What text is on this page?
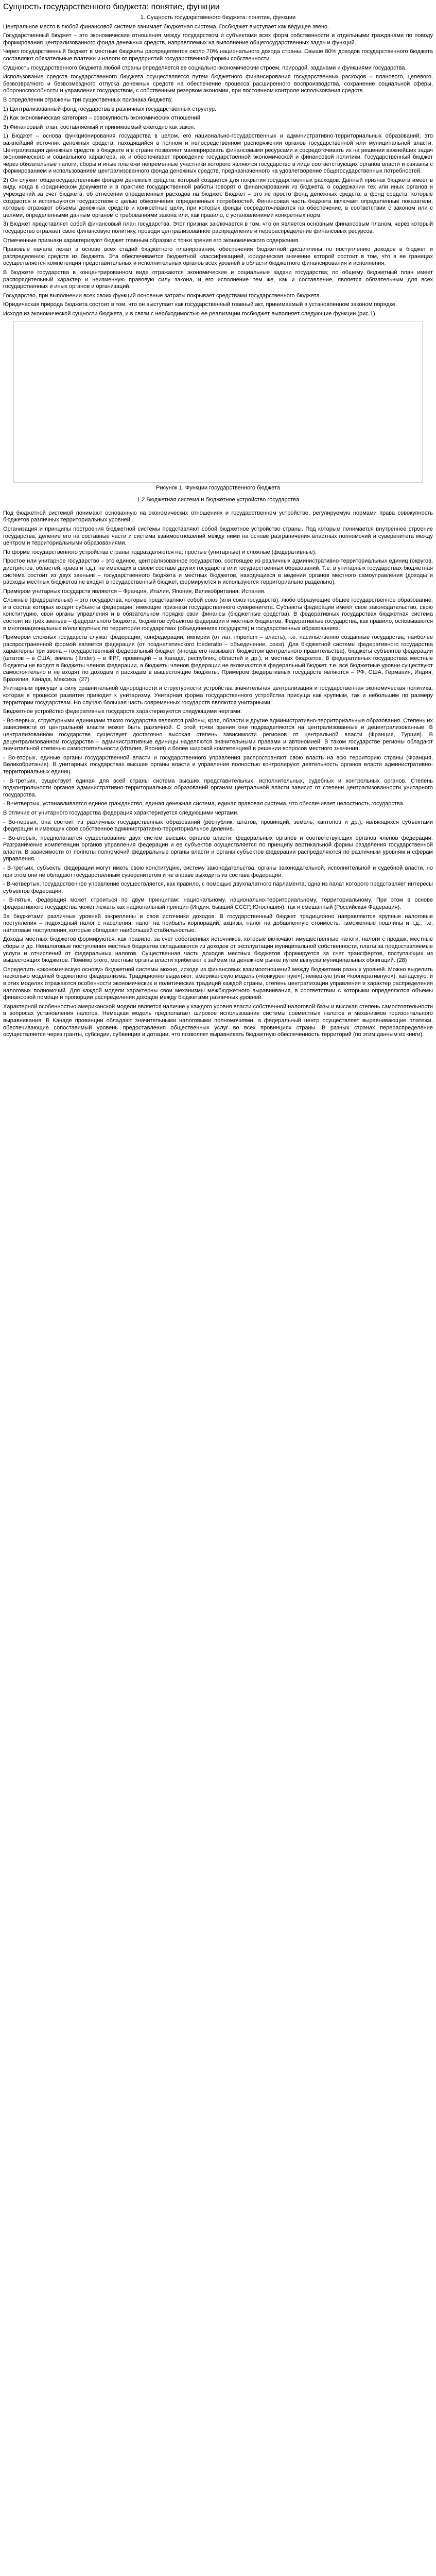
Сущность государственного бюджета: понятие, функции
1. Сущность государственного бюджета: понятие, функции

Центральное место в любой финансовой системе занимает бюджетная система. Госбюджет выступает как ведущее звено.

Государственный бюджет – это экономические отношения между государством и субъектами всех форм собственности и отдельными гражданами по поводу формирования централизованного фонда денежных средств, направляемых на выполнение общегосударственных задач и функций.

Через государственный бюджет в местные бюджеты распределяется около 70% национального дохода страны. Свыше 80% доходов государственного бюджета составляют обязательные платежи и налоги от предприятий государственной формы собственности.

Сущность государственного бюджета любой страны определяется ее социально-экономическим строем, природой, задачами и функциями государства.

Использование средств государственного бюджета осуществляется путем бюджетного финансирования государственных расходов – планового, целевого, безвозвратного и безвозмездного отпуска денежных средств на обеспечение процесса расширенного воспроизводства, сохранение социальной сферы, обороноспособности и управления государством, с собственным резервом экономии, при постоянном контроле использования средств.

В определении отражены три существенных признака бюджета:

1) Централизованный фонд государства в различных государственных структур.

2) Как экономическая категория – совокупность экономических отношений.

3) Финансовый план, составляемый и принимаемый ежегодно как закон.

1) Бюджет – основа функционирования государства в целом, его национально-государственных и административно-территориальных образований; это важнейший источник денежных средств, находящийся в полном и непосредственном распоряжении органов государственной или муниципальной власти. Централизация денежных средств в бюджете и в стране позволяет маневрировать финансовыми ресурсами и сосредоточивать их на решении важнейших задач экономического и социального характера, их и обеспечивает проведение государственной экономической и финансовой политики. Государственный бюджет через обязательные налоги, сборы и иные платежи непременные участники которого являются государство в лице соответствующих органов власти и связаны с формированием и использованием централизованного фонда денежных средств, предназначенного на удовлетворение общегосударственных потребностей.

2) Он служит общегосударственным фондом денежных средств, который создается для покрытия государственных расходов. Данный признак бюджета имеет в виду, когда в юридическом документе и в практике государственной работы говорят о финансировании из бюджета, о содержании тех или иных органов и учреждений за счет бюджета, об отнесении определенных расходов на бюджет. Бюджет – это не просто фонд денежных средств; а фонд средств, которые создаются и используются государством с целью обеспечения определенных потребностей. Финансовая часть бюджета включает определенные показатели, которые отражают объемы денежных средств и конкретные цели, при которых фонды сосредоточиваются на обеспечение, в соответствии с законом или с целями, определенными данным органом с требованиями закона или, как правило, с установлениями конкретных норм.

3) Бюджет представляет собой финансовый план государства. Этот признак заключается в том, что он является основным финансовым планом, через который государство отражает свою финансовую политику, проводя централизованное распределение и перераспределение финансовых ресурсов.

Отмеченные признаки характеризуют бюджет главным образом с точки зрения его экономического содержания.

Правовые начала лежат в основе всех стадий бюджетного планирования, обеспечения бюджетной дисциплины по поступлению доходов в бюджет и распределению средств из бюджета. Эта обеспечивается бюджетной классификацией, юридическая значение которой состоит в том, что в ее границах осуществляется компетенция представительных и исполнительных органов всех уровней в области бюджетного финансирования и исполнения.

В бюджете государства в концентрированном виде отражаются экономические и социальные задачи государства; по общему бюджетный план имеет распорядительный характер и неизменную правовую силу закона, и его исполнение тем же, как и составление, является обязательным для всех государственных и иных органов и организаций.

Государство, при выполнении всех своих функций основные затраты покрывает средствами государственного бюджета.

Юридическая природа бюджета состоит в том, что он выступает как государственный главный акт, принимаемый в установленном законом порядке.

Исходя из экономической сущности бюджета, и в связи с необходимостью ее реализации госбюджет выполняет следующие функции (рис.1).

Рисунок 1. Функции государственного бюджета
1.2 Бюджетная система и бюджетное устройство государства

Под бюджетной системой понимают основанную на экономических отношениях и государственном устройстве, регулируемую нормами права совокупность бюджетов различных территориальных уровней.

Организация и принципы построения бюджетной системы представляют собой бюджетное устройство страны. Под которым понимается внутреннее строение государства, деление его на составные части и система взаимоотношений между ними на основе разграничения властных полномочий и суверенитета между центром и территориальными образованиями.

По форме государственного устройства страны подразделяются на: простые (унитарные) и сложные (федеративные).

Простое или унитарное государство – это единое, централизованное государство, состоящее из различных административно-территориальных единиц (округов, дистриктов, областей, краев и т.д.), не имеющих в своем составе других государств или государственных образований. Т.е. в унитарных государствах бюджетная система состоит из двух звеньев – государственного бюджета и местных бюджетов, находящихся в ведении органов местного самоуправления (доходы и расходы местных бюджетов не входят в государственный бюджет, формируются и используются территориально раздельно).

Примером унитарных государств являются – Франция, Италия, Япония, Великобритания, Испания.

Сложные (федеративные) – это государства, которые представляют собой союз (или союз государств), любо образующие общее государственное образование, и в состав которых входят субъекты федерации, имеющие признаки государственного суверенитета. Субъекты федерации имеют свое законодательство, свою конституцию, свои органы управления и в обязательном порядке свои финансы (бюджетные средства). В федеративных государствах бюджетная система состоит из трёх звеньев – федерального бюджета, бюджетов субъектов федерации и местных бюджетов. Федеративные государства, как правило, основываются в многонациональных и/или крупных по территории государствах (объединениях государств) и государственных образованиях.

Примером сложных государств служат федерации, конфедерации, империи (от лат. imperium – власть), т.е. насильственно созданные государства, наиболее распространенной формой является федерация (от позднелатинского foederatio – объединение, союз). Для бюджетной системы федеративного государства характерны три звена – государственный федеральный бюджет (иногда его называют бюджетом центрального правительства), бюджеты субъектов федерации (штатов – в США, земель (länder) – в ФРГ, провинций – в Канаде, республик, областей и др.), и местных бюджетов. В федеративных государствах местные бюджеты не входят в бюджеты членов федерации, а бюджеты членов федерации не включаются в федеральный бюджет, т.е. все бюджетные уровни существуют самостоятельно и не входят по доходам и расходам в вышестоящие бюджеты. Примером федеративных государств являются – РФ, США, Германия, Индия, Бразилия, Канада, Мексика. (27)

Унитарным присущи в силу сравнительной однородности и структурности устройства значительная централизация и государственная экономическая политика, которая в процессе развития приводит к унитаризму. Унитарная форма государственного устройства присуща как крупным, так и небольшим по размеру территории государствам. Но случаю большая часть современных государств являются унитарными.

Бюджетное устройство федеративных государств характеризуются следующими чертами:

- Во-первых, структурными единицами такого государства являются районы, края, области и другие административно-территориальные образования. Степень их зависимости от центральной власти может быть различной. С этой точки зрения они подразделяются на централизованные и децентрализованные. В централизованном государстве существует достаточно высокая степень зависимости регионов от центральной власти (Франция, Турция). В децентрализованном государстве – административные единицы наделяются значительными правами и автономией. В таком государстве регионы обладают значительной степенью самостоятельности (Италия, Япония) и более широкой компетенцией в решении вопросов местного значения.
- Во-вторых, единые органы государственной власти и государственного управления распространяют свою власть на всю территорию страны (Франция, Великобритания). В унитарных государствах высшие органы власти и управления полностью контролируют деятельность органов власти административно-территориальных единиц.
- В-третьих, существует единая для всей страны система высших представительных, исполнительных, судебных и контрольных органов. Степень подконтрольности органов административно-территориальных образований органам центральной власти зависит от степени централизованности унитарного государства.
- В-четвертых, устанавливается единое гражданство, единая денежная система, единая правовая система, что обеспечивает целостность государства.

В отличие от унитарного государства федерация характеризуется следующими чертами.

- Во-первых, она состоит из различных государственных образований (республик, штатов, провинций, земель, кантонов и др.), являющихся субъектами федерации и имеющих свое собственное административно-территориальное деление.
- Во-вторых, предполагается существование двух систем высших органов власти: федеральных органов и соответствующих органов членов федерации. Разграничение компетенции органов управления федерации и ее субъектов осуществляется по принципу вертикальной формы разделения государственной власти. В зависимости от полноты полномочий федеральные органы власти и органы субъектов федерации распределяются по различным уровням и сферам управления.
- В-третьих, субъекты федерации могут иметь свою конституцию, систему законодательства, органы законодательной, исполнительной и судебной власти, но при этом они не обладают государственным суверенитетом и не вправе выходить из состава федерации.
- В-четвертых, государственное управление осуществляется, как правило, с помощью двухпалатного парламента, одна из палат которого представляет интересы субъектов федерации.
- В-пятых, федерация может строиться по двум принципам: национальному, национально-территориальному, территориальному. При этом в основе федеративного государства может лежать как национальный принцип (Индия, бывший СССР, Югославия), так и смешанный (Российская Федерация).

За бюджетами различных уровней закреплены и свои источники доходов. В государственный бюджет традиционно направляются крупные налоговые поступления – подоходный налог с населения, налог на прибыль корпораций, акцизы, налог на добавленную стоимость, таможенные пошлины и т.д., т.е. налоговые поступления, которые обладают наибольшей стабильностью.

Доходы местных бюджетов формируются, как правило, за счет собственных источников, которые включают имущественные налоги, налоги с продаж, местные сборы и др. Неналоговые поступления местных бюджетов складываются из доходов от эксплуатации муниципальной собственности, платы за предоставляемые услуги и отчислений от федеральных налогов. Существенная часть доходов местных бюджетов формируется за счет трансфертов, поступающих из вышестоящих бюджетов. Помимо этого, местные органы власти прибегают к займам на денежном рынке путем выпуска муниципальных облигаций. (28)

Определить «экономическую основу» бюджетной системы можно, исходя из финансовых взаимоотношений между бюджетами разных уровней. Можно выделить несколько моделей бюджетного федерализма. Традиционно выделяют: американскую модель («конкурентную»), немецкую (или «кооперативную»), канадскую, и в этих моделях отражаются особенности экономических и политических традиций каждой страны, степень централизации управления и характер распределения налоговых полномочий. Для каждой модели характерны свои механизмы межбюджетного выравнивания, в соответствии с которыми определяются объемы финансовой помощи и пропорции распределения доходов между бюджетами различных уровней.

Характерной особенностью американской модели является наличие у каждого уровня власти собственной налоговой базы и высокая степень самостоятельности в вопросах установления налогов. Немецкая модель предполагает широкое использование системы совместных налогов и механизмов горизонтального выравнивания. В Канаде провинции обладают значительными налоговыми полномочиями, а федеральный центр осуществляет выравнивающие платежи, обеспечивающие сопоставимый уровень предоставления общественных услуг во всех провинциях страны. В разных странах перераспределение осуществляется через гранты, субсидии, субвенции и дотации, что позволяет выравнивать бюджетную обеспеченность территорий (по этим данным из книги).
